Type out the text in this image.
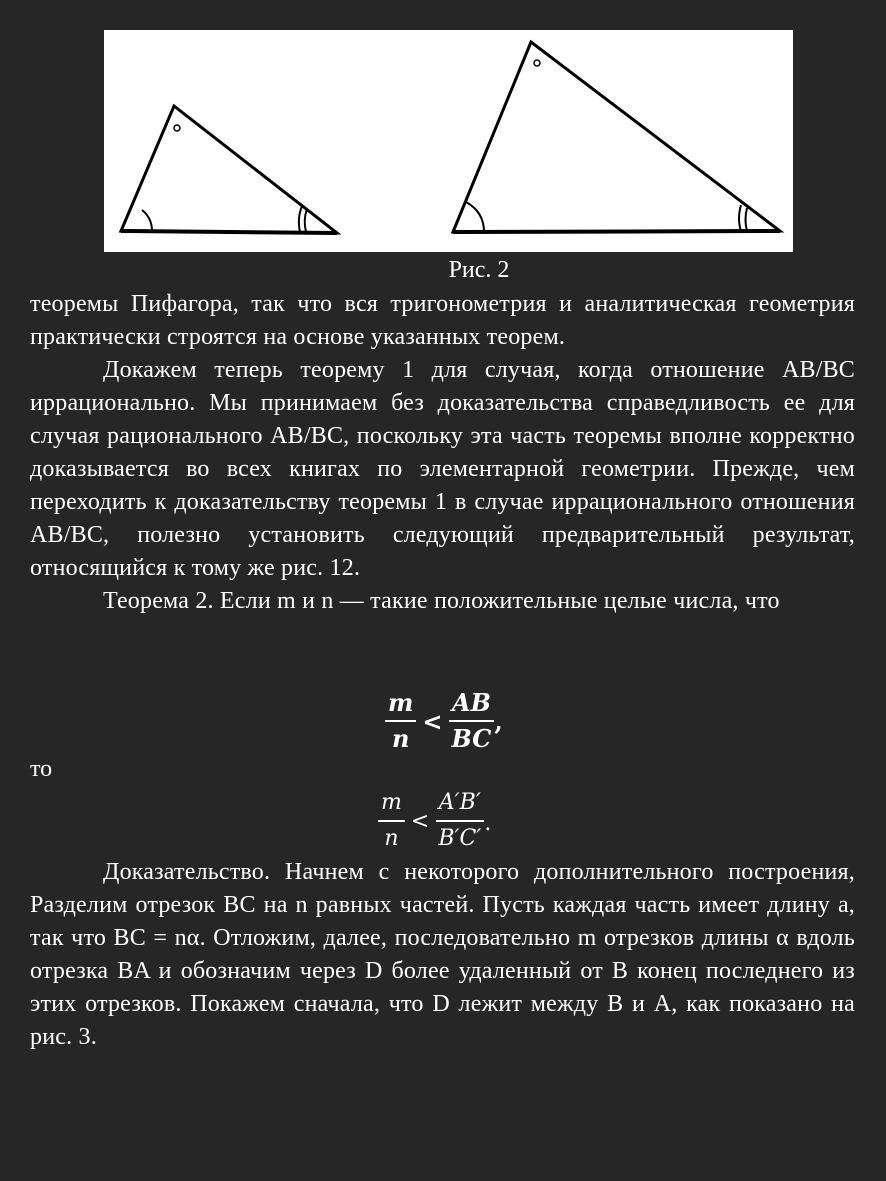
Рис. 2

теоремы Пифагора, так что вся тригонометрия и аналитическая геометрия практически строятся на основе указанных теорем.

Докажем теперь теорему 1 для случая, когда отношение AB/BC иррационально. Мы принимаем без доказательства справедливость ее для случая рационального AB/BC, поскольку эта часть теоремы вполне корректно доказывается во всех книгах по элементарной геометрии. Прежде, чем переходить к доказательству теоремы 1 в случае иррационального отношения AB/BC, полезно установить следующий предварительный результат, относящийся к тому же рис. 12.

Теорема 2. Если m и n — такие положительные целые числа, что

$\frac{m}{n} < \frac{AB}{BC}$ ,
то
$\frac{m}{n} < \frac{A'B'}{B'C'}$ .

Доказательство. Начнем с некоторого дополнительного построения, Разделим отрезок BC на n равных частей. Пусть каждая часть имеет длину a, так что BC = nα. Отложим, далее, последовательно m отрезков длины α вдоль отрезка BA и обозначим через D более удаленный от B конец последнего из этих отрезков. Покажем сначала, что D лежит между B и A, как показано на рис. 3.
